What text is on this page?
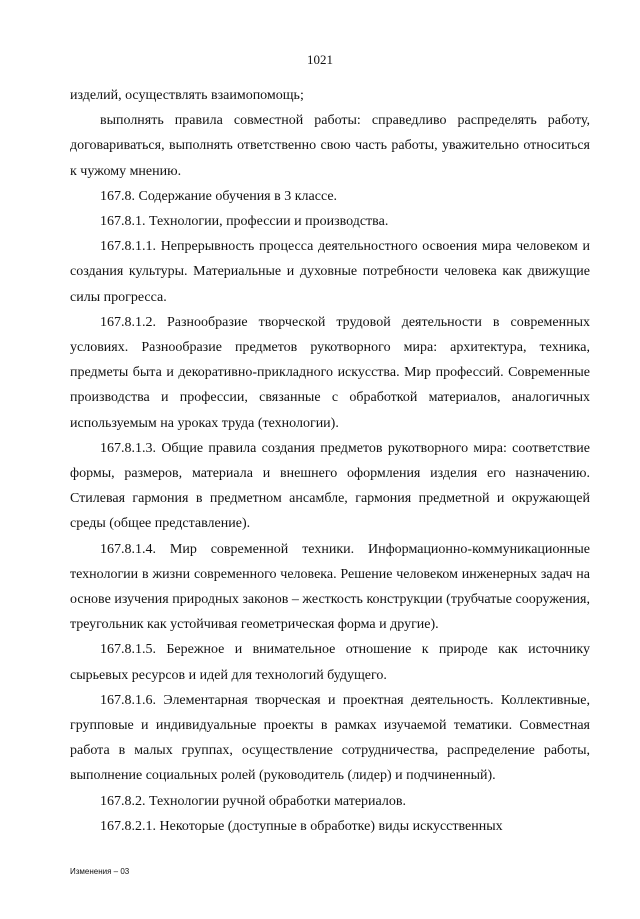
1021

изделий, осуществлять взаимопомощь;

выполнять правила совместной работы: справедливо распределять работу, договариваться, выполнять ответственно свою часть работы, уважительно относиться к чужому мнению.

167.8. Содержание обучения в 3 классе.

167.8.1. Технологии, профессии и производства.

167.8.1.1. Непрерывность процесса деятельностного освоения мира человеком и создания культуры. Материальные и духовные потребности человека как движущие силы прогресса.

167.8.1.2. Разнообразие творческой трудовой деятельности в современных условиях. Разнообразие предметов рукотворного мира: архитектура, техника, предметы быта и декоративно-прикладного искусства. Мир профессий. Современные производства и профессии, связанные с обработкой материалов, аналогичных используемым на уроках труда (технологии).

167.8.1.3. Общие правила создания предметов рукотворного мира: соответствие формы, размеров, материала и внешнего оформления изделия его назначению. Стилевая гармония в предметном ансамбле, гармония предметной и окружающей среды (общее представление).

167.8.1.4. Мир современной техники. Информационно-коммуникационные технологии в жизни современного человека. Решение человеком инженерных задач на основе изучения природных законов – жесткость конструкции (трубчатые сооружения, треугольник как устойчивая геометрическая форма и другие).

167.8.1.5. Бережное и внимательное отношение к природе как источнику сырьевых ресурсов и идей для технологий будущего.

167.8.1.6. Элементарная творческая и проектная деятельность. Коллективные, групповые и индивидуальные проекты в рамках изучаемой тематики. Совместная работа в малых группах, осуществление сотрудничества, распределение работы, выполнение социальных ролей (руководитель (лидер) и подчиненный).

167.8.2. Технологии ручной обработки материалов.

167.8.2.1. Некоторые (доступные в обработке) виды искусственных

Изменения – 03
